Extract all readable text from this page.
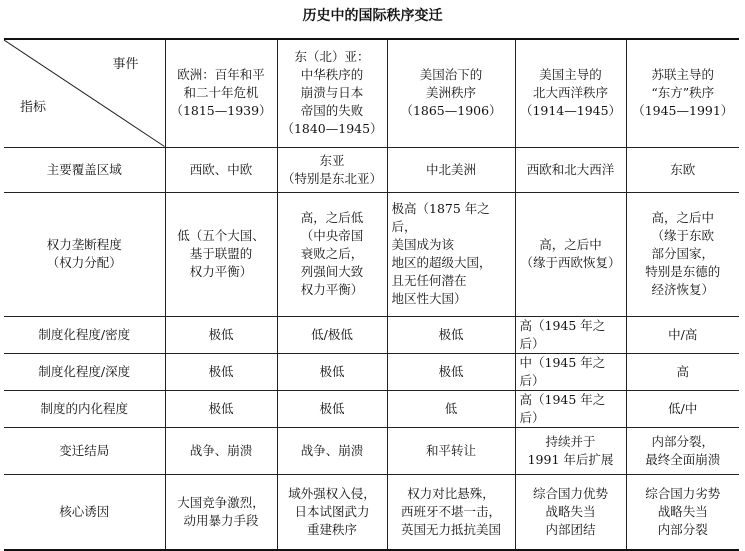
历史中的国际秩序变迁

事件

指标	欧洲：百年和平
和二十年危机
（1815—1939）	东（北）亚：
中华秩序的
崩溃与日本
帝国的失败
（1840—1945）	美国治下的
美洲秩序
（1865—1906）	美国主导的
北大西洋秩序
（1914—1945）	苏联主导的
“东方”秩序
（1945—1991）
主要覆盖区域	西欧、中欧	东亚
（特别是东北亚）	中北美洲	西欧和北大西洋	东欧
权力垄断程度
（权力分配）	低（五个大国、
基于联盟的
权力平衡）	高，之后低
（中央帝国
衰败之后，
列强间大致
权力平衡）	极高（1875 年之后，
美国成为该
地区的超级大国，
且无任何潜在
地区性大国）	高，之后中
（缘于西欧恢复）	高，之后中
（缘于东欧
部分国家，
特别是东德的
经济恢复）
制度化程度/密度	极低	低/极低	极低	高（1945 年之后）	中/高
制度化程度/深度	极低	极低	极低	中（1945 年之后）	高
制度的内化程度	极低	极低	低	高（1945 年之后）	低/中
变迁结局	战争、崩溃	战争、崩溃	和平转让	持续并于
1991 年后扩展	内部分裂，
最终全面崩溃
核心诱因	大国竞争激烈，
动用暴力手段	域外强权入侵，
日本试图武力
重建秩序	权力对比悬殊，
西班牙不堪一击，
英国无力抵抗美国	综合国力优势
战略失当
内部团结	综合国力劣势
战略失当
内部分裂
